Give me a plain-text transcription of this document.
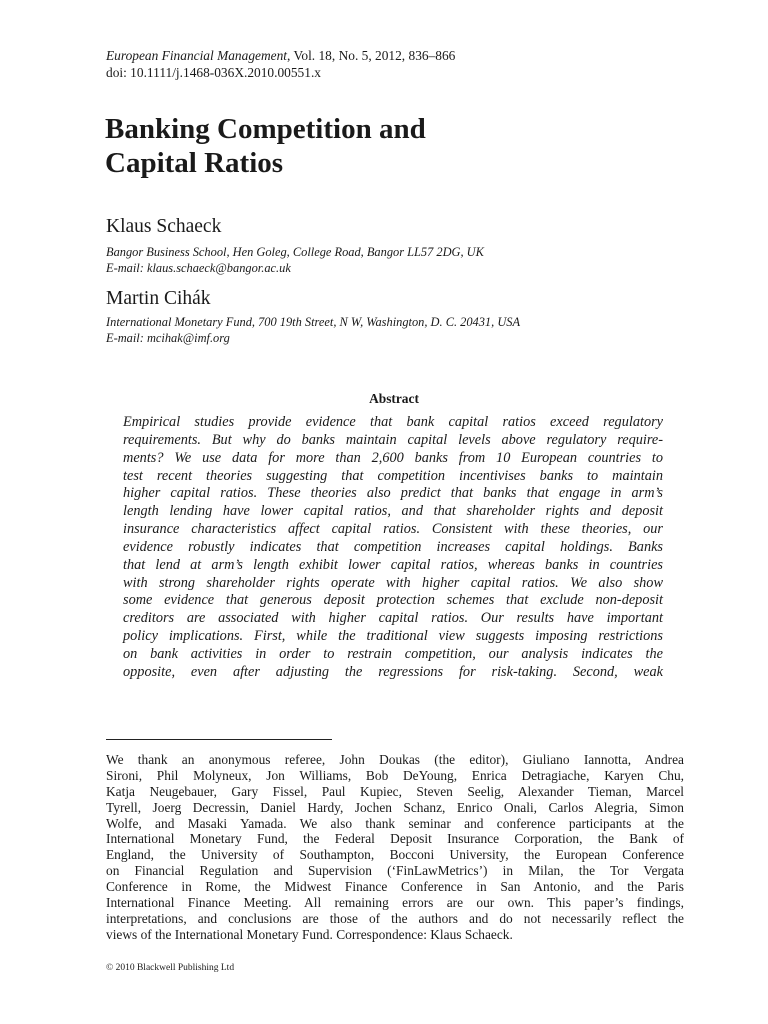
European Financial Management, Vol. 18, No. 5, 2012, 836–866
doi: 10.1111/j.1468-036X.2010.00551.x
Banking Competition and
Capital Ratios
Klaus Schaeck
Bangor Business School, Hen Goleg, College Road, Bangor LL57 2DG, UK
E-mail: klaus.schaeck@bangor.ac.uk
Martin Cihák
International Monetary Fund, 700 19th Street, N W, Washington, D. C. 20431, USA
E-mail: mcihak@imf.org
Abstract
Empirical studies provide evidence that bank capital ratios exceed regulatory
requirements. But why do banks maintain capital levels above regulatory require-
ments? We use data for more than 2,600 banks from 10 European countries to
test recent theories suggesting that competition incentivises banks to maintain
higher capital ratios. These theories also predict that banks that engage in arm’s
length lending have lower capital ratios, and that shareholder rights and deposit
insurance characteristics affect capital ratios. Consistent with these theories, our
evidence robustly indicates that competition increases capital holdings. Banks
that lend at arm’s length exhibit lower capital ratios, whereas banks in countries
with strong shareholder rights operate with higher capital ratios. We also show
some evidence that generous deposit protection schemes that exclude non-deposit
creditors are associated with higher capital ratios. Our results have important
policy implications. First, while the traditional view suggests imposing restrictions
on bank activities in order to restrain competition, our analysis indicates the
opposite, even after adjusting the regressions for risk-taking. Second, weak
We thank an anonymous referee, John Doukas (the editor), Giuliano Iannotta, Andrea
Sironi, Phil Molyneux, Jon Williams, Bob DeYoung, Enrica Detragiache, Karyen Chu,
Katja Neugebauer, Gary Fissel, Paul Kupiec, Steven Seelig, Alexander Tieman, Marcel
Tyrell, Joerg Decressin, Daniel Hardy, Jochen Schanz, Enrico Onali, Carlos Alegria, Simon
Wolfe, and Masaki Yamada. We also thank seminar and conference participants at the
International Monetary Fund, the Federal Deposit Insurance Corporation, the Bank of
England, the University of Southampton, Bocconi University, the European Conference
on Financial Regulation and Supervision (‘FinLawMetrics’) in Milan, the Tor Vergata
Conference in Rome, the Midwest Finance Conference in San Antonio, and the Paris
International Finance Meeting. All remaining errors are our own. This paper’s findings,
interpretations, and conclusions are those of the authors and do not necessarily reflect the
views of the International Monetary Fund. Correspondence: Klaus Schaeck.
© 2010 Blackwell Publishing Ltd
